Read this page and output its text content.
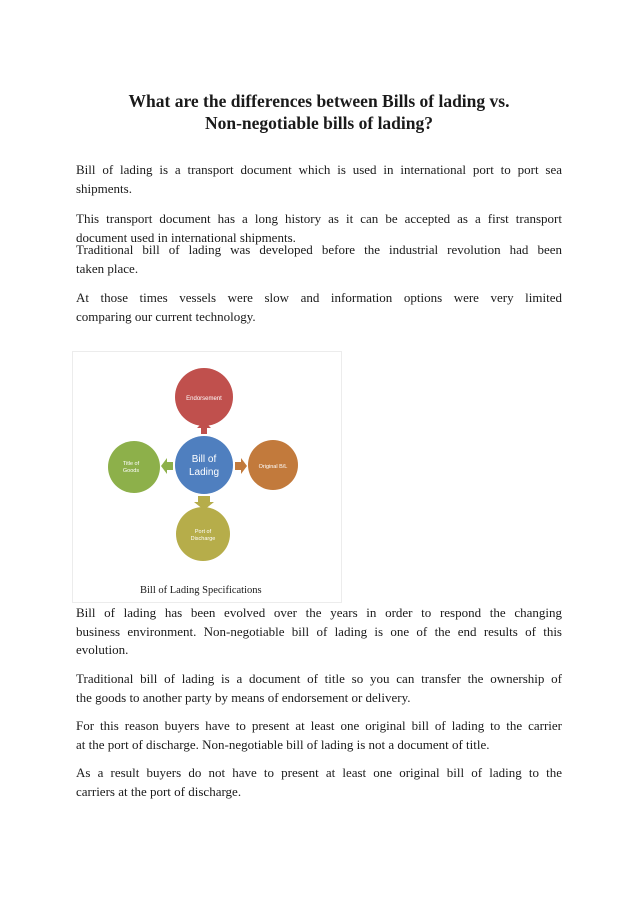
What are the differences between Bills of lading vs.
Non-negotiable bills of lading?

Bill of lading is a transport document which is used in international port to port sea
shipments.

This transport document has a long history as it can be accepted as a first transport
document used in international shipments.

Traditional bill of lading was developed before the industrial revolution had been
taken place.

At those times vessels were slow and information options were very limited
comparing our current technology.

Endorsement
Bill of
Lading	Original B/L
Port of
Discharge
Title of
Goods

Bill of Lading Specifications

Bill of lading has been evolved over the years in order to respond the changing
business environment. Non-negotiable bill of lading is one of the end results of this
evolution.

Traditional bill of lading is a document of title so you can transfer the ownership of
the goods to another party by means of endorsement or delivery.

For this reason buyers have to present at least one original bill of lading to the carrier
at the port of discharge. Non-negotiable bill of lading is not a document of title.

As a result buyers do not have to present at least one original bill of lading to the
carriers at the port of discharge.
